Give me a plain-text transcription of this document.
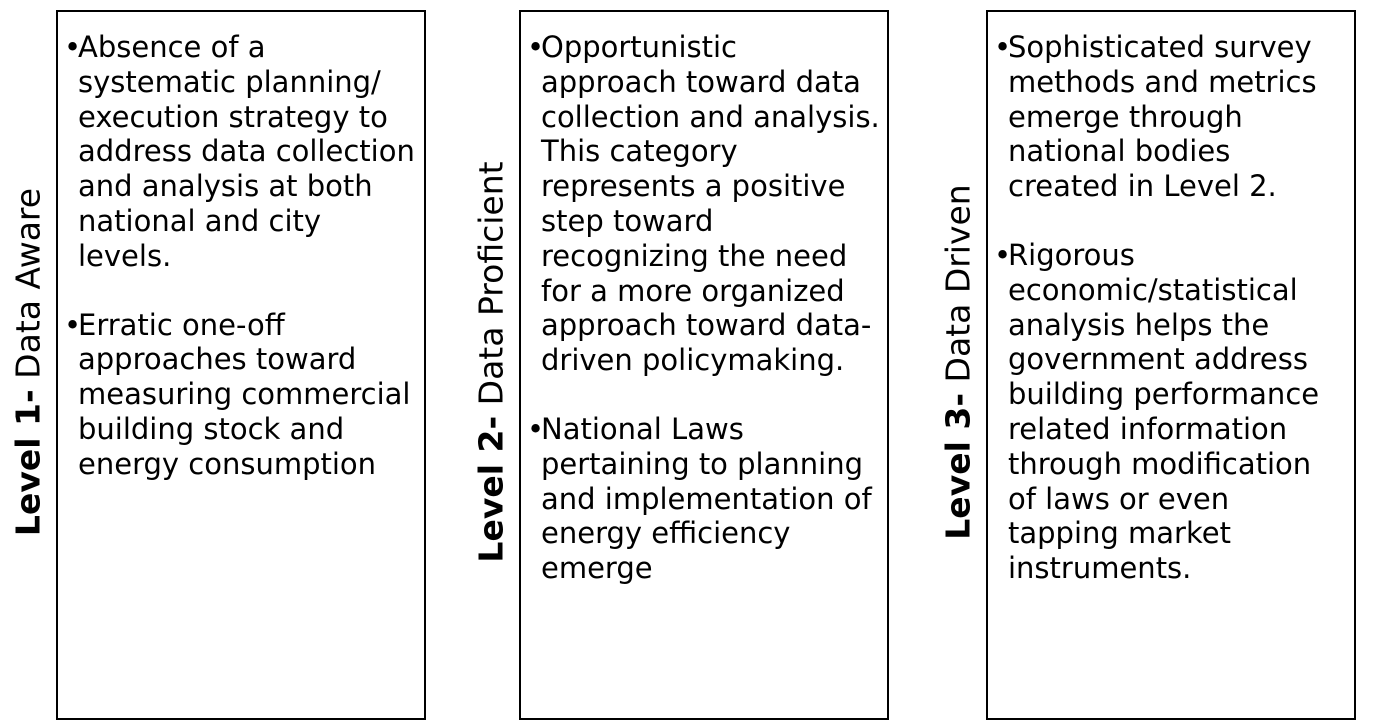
Level 1- Data Aware
•Absence of a systematic planning/ execution strategy to address data collection and analysis at both national and city levels.
•Erratic one-off approaches toward measuring commercial building stock and energy consumption	Level 2- Data Proficient
•Opportunistic approach toward data collection and analysis. This category represents a positive step toward recognizing the need for a more organized approach toward data-driven policymaking.
•National Laws pertaining to planning and implementation of energy efficiency emerge
Level 3- Data Driven
•Sophisticated survey methods and metrics emerge through national bodies created in Level 2.
•Rigorous economic/statistical analysis helps the government address building performance related information through modification of laws or even tapping market instruments.
